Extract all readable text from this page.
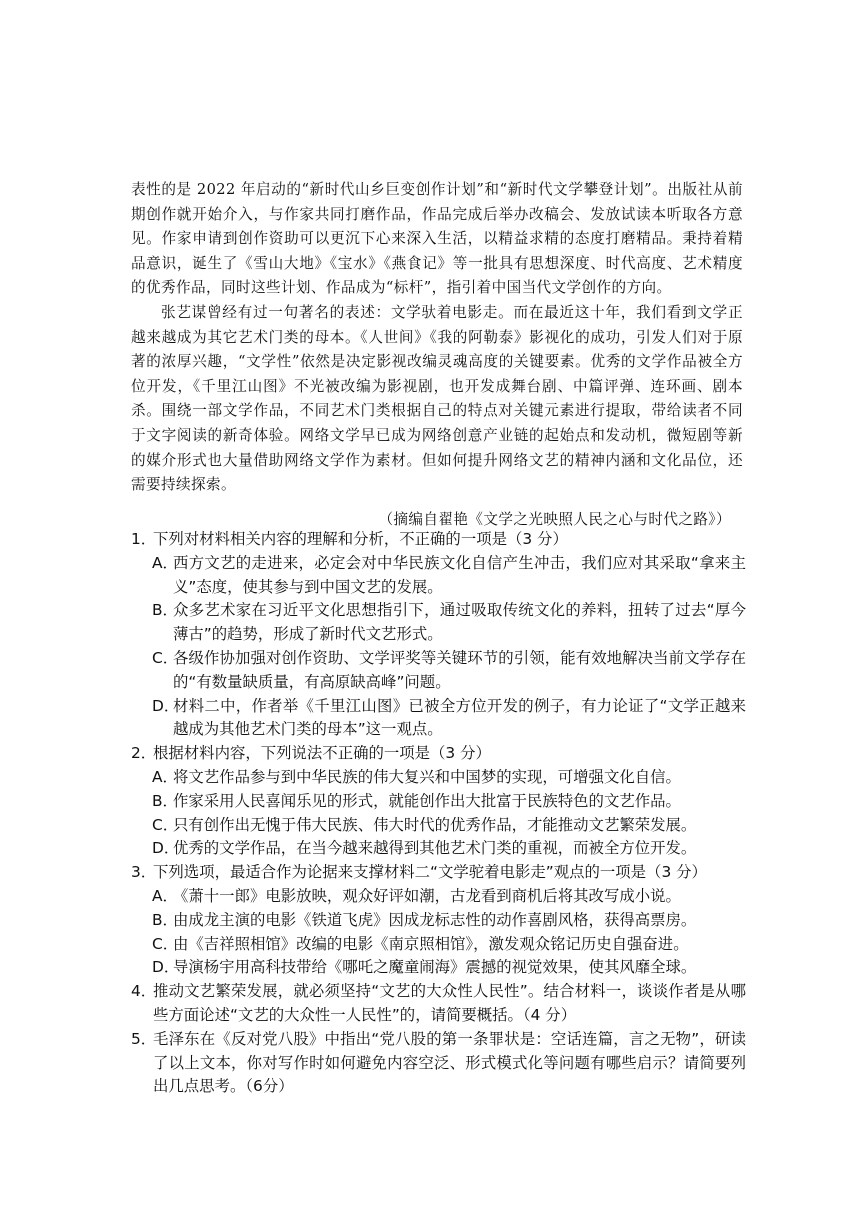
表性的是 2022 年启动的“新时代山乡巨变创作计划”和“新时代文学攀登计划”。出版社从前期创作就开始介入，与作家共同打磨作品，作品完成后举办改稿会、发放试读本听取各方意见。作家申请到创作资助可以更沉下心来深入生活，以精益求精的态度打磨精品。秉持着精品意识，诞生了《雪山大地》《宝水》《燕食记》等一批具有思想深度、时代高度、艺术精度的优秀作品，同时这些计划、作品成为“标杆”，指引着中国当代文学创作的方向。

张艺谋曾经有过一句著名的表述：文学驮着电影走。而在最近这十年，我们看到文学正越来越成为其它艺术门类的母本。《人世间》《我的阿勒泰》影视化的成功，引发人们对于原著的浓厚兴趣，“文学性”依然是决定影视改编灵魂高度的关键要素。优秀的文学作品被全方位开发，《千里江山图》不光被改编为影视剧，也开发成舞台剧、中篇评弹、连环画、剧本杀。围绕一部文学作品，不同艺术门类根据自己的特点对关键元素进行提取，带给读者不同于文字阅读的新奇体验。网络文学早已成为网络创意产业链的起始点和发动机，微短剧等新的媒介形式也大量借助网络文学作为素材。但如何提升网络文艺的精神内涵和文化品位，还需要持续探索。

（摘编自翟艳《文学之光映照人民之心与时代之路》）
1．

下列对材料相关内容的理解和分析，不正确的一项是（3 分）

A．

西方文艺的走进来，必定会对中华民族文化自信产生冲击，我们应对其采取“拿来主义”态度，使其参与到中国文艺的发展。

B．

众多艺术家在习近平文化思想指引下，通过吸取传统文化的养料，扭转了过去“厚今薄古”的趋势，形成了新时代文艺形式。

C．

各级作协加强对创作资助、文学评奖等关键环节的引领，能有效地解决当前文学存在的“有数量缺质量，有高原缺高峰”问题。

D．

材料二中，作者举《千里江山图》已被全方位开发的例子，有力论证了“文学正越来越成为其他艺术门类的母本”这一观点。

2．

根据材料内容，下列说法不正确的一项是（3 分）

A．

将文艺作品参与到中华民族的伟大复兴和中国梦的实现，可增强文化自信。

B．

作家采用人民喜闻乐见的形式，就能创作出大批富于民族特色的文艺作品。

C．

只有创作出无愧于伟大民族、伟大时代的优秀作品，才能推动文艺繁荣发展。

D．

优秀的文学作品，在当今越来越得到其他艺术门类的重视，而被全方位开发。

3．

下列选项，最适合作为论据来支撑材料二“文学驼着电影走”观点的一项是（3 分）

A．

《萧十一郎》电影放映，观众好评如潮，古龙看到商机后将其改写成小说。

B．

由成龙主演的电影《铁道飞虎》因成龙标志性的动作喜剧风格，获得高票房。

C．

由《吉祥照相馆》改编的电影《南京照相馆》，激发观众铭记历史自强奋进。

D．

导演杨宇用高科技带给《哪吒之魔童闹海》震撼的视觉效果，使其风靡全球。

4．

推动文艺繁荣发展，就必须坚持“文艺的大众性人民性”。结合材料一，谈谈作者是从哪些方面论述“文艺的大众性一人民性”的，请简要概括。（4 分）

5．

毛泽东在《反对党八股》中指出“党八股的第一条罪状是：空话连篇，言之无物”，研读了以上文本，你对写作时如何避免内容空泛、形式模式化等问题有哪些启示？请简要列出几点思考。（6分）
